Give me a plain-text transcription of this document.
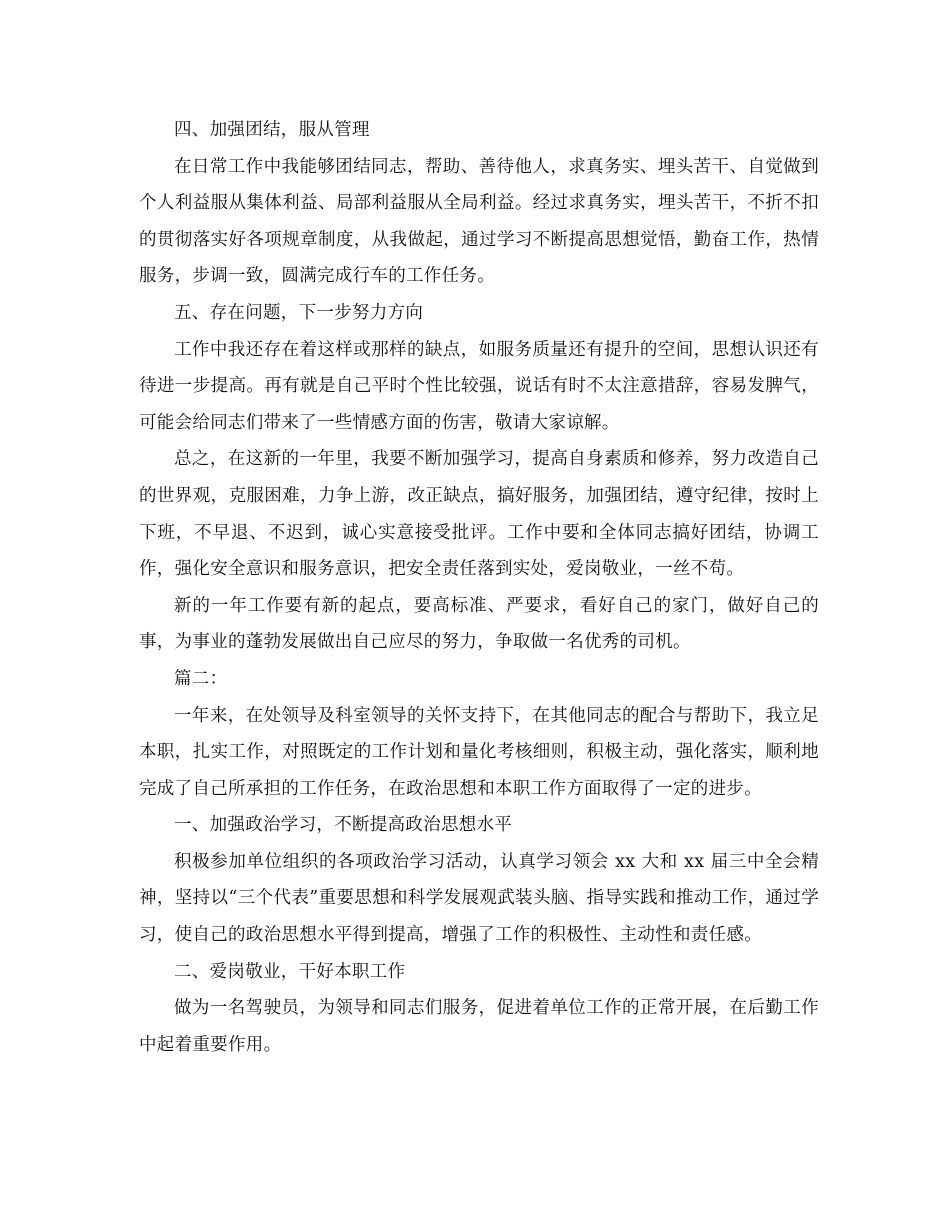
四、加强团结，服从管理

在日常工作中我能够团结同志，帮助、善待他人，求真务实、埋头苦干、自觉做到个人利益服从集体利益、局部利益服从全局利益。经过求真务实，埋头苦干，不折不扣的贯彻落实好各项规章制度，从我做起，通过学习不断提高思想觉悟，勤奋工作，热情服务，步调一致，圆满完成行车的工作任务。

五、存在问题，下一步努力方向

工作中我还存在着这样或那样的缺点，如服务质量还有提升的空间，思想认识还有待进一步提高。再有就是自己平时个性比较强，说话有时不太注意措辞，容易发脾气，可能会给同志们带来了一些情感方面的伤害，敬请大家谅解。

总之，在这新的一年里，我要不断加强学习，提高自身素质和修养，努力改造自己的世界观，克服困难，力争上游，改正缺点，搞好服务，加强团结，遵守纪律，按时上下班，不早退、不迟到，诚心实意接受批评。工作中要和全体同志搞好团结，协调工作，强化安全意识和服务意识，把安全责任落到实处，爱岗敬业，一丝不苟。

新的一年工作要有新的起点，要高标准、严要求，看好自己的家门，做好自己的事，为事业的蓬勃发展做出自己应尽的努力，争取做一名优秀的司机。

篇二：

一年来，在处领导及科室领导的关怀支持下，在其他同志的配合与帮助下，我立足本职，扎实工作，对照既定的工作计划和量化考核细则，积极主动，强化落实，顺利地完成了自己所承担的工作任务，在政治思想和本职工作方面取得了一定的进步。

一、加强政治学习，不断提高政治思想水平

积极参加单位组织的各项政治学习活动，认真学习领会 xx 大和 xx 届三中全会精神，坚持以“三个代表”重要思想和科学发展观武装头脑、指导实践和推动工作，通过学习，使自己的政治思想水平得到提高，增强了工作的积极性、主动性和责任感。

二、爱岗敬业，干好本职工作

做为一名驾驶员，为领导和同志们服务，促进着单位工作的正常开展，在后勤工作中起着重要作用。
